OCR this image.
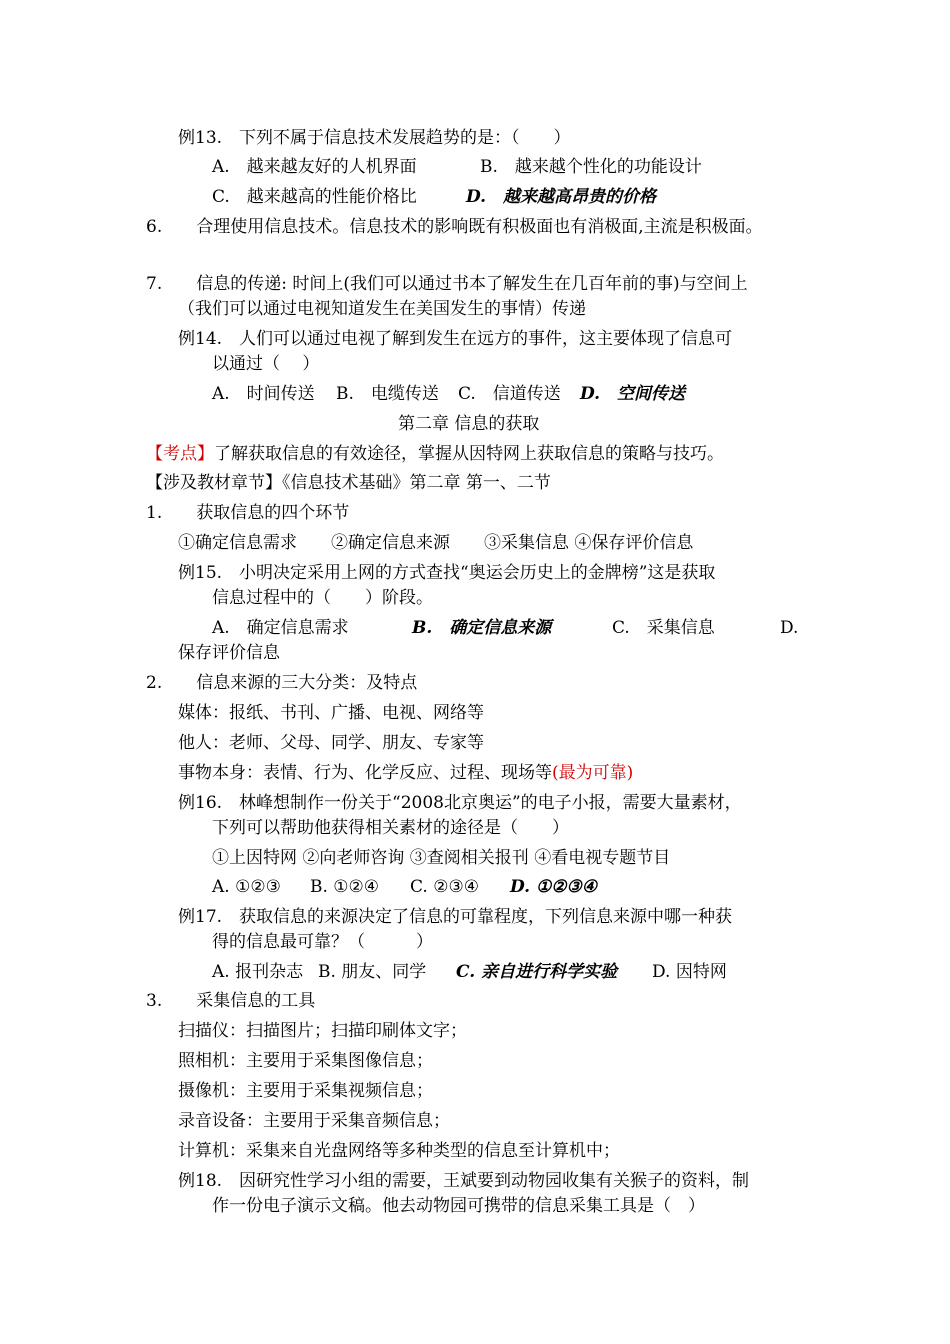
例13.　下列不属于信息技术发展趋势的是：（　　）
A.　越来越友好的人机界面	B.　越来越个性化的功能设计
C.　越来越高的性能价格比	D.　越来越高昂贵的价格
6.　　合理使用信息技术。信息技术的影响既有积极面也有消极面,主流是积极面。
7.　　信息的传递: 时间上(我们可以通过书本了解发生在几百年前的事)与空间上
（我们可以通过电视知道发生在美国发生的事情）传递
例14.　人们可以通过电视了解到发生在远方的事件，这主要体现了信息可
以通过（　 ）
A.　时间传送 B.　电缆传送 C.　信道传送 D.　空间传送
第二章 信息的获取
【考点】了解获取信息的有效途径，掌握从因特网上获取信息的策略与技巧。
【涉及教材章节】《信息技术基础》第二章 第一、二节
1.　　获取信息的四个环节
①确定信息需求　　②确定信息来源　　③采集信息 ④保存评价信息
例15.　小明决定采用上网的方式查找“奥运会历史上的金牌榜”这是获取
信息过程中的（　　）阶段。
A.　确定信息需求	B.　确定信息来源	C.　采集信息	D.
保存评价信息
2.　　信息来源的三大分类：及特点
媒体：报纸、书刊、广播、电视、网络等
他人：老师、父母、同学、朋友、专家等
事物本身：表情、行为、化学反应、过程、现场等(最为可靠)
例16.　林峰想制作一份关于“2008北京奥运”的电子小报，需要大量素材，
下列可以帮助他获得相关素材的途径是（　　）
①上因特网 ②向老师咨询 ③查阅相关报刊 ④看电视专题节目
A. ①②③ B. ①②④ C. ②③④ D. ①②③④
例17.　获取信息的来源决定了信息的可靠程度，下列信息来源中哪一种获
得的信息最可靠？（　　　）
A. 报刊杂志 B. 朋友、同学 C. 亲自进行科学实验 D. 因特网
3.　　采集信息的工具
扫描仪：扫描图片；扫描印刷体文字；
照相机：主要用于采集图像信息；
摄像机：主要用于采集视频信息；
录音设备：主要用于采集音频信息；
计算机：采集来自光盘网络等多种类型的信息至计算机中；
例18.　因研究性学习小组的需要，王斌要到动物园收集有关猴子的资料，制
作一份电子演示文稿。他去动物园可携带的信息采集工具是（　）
